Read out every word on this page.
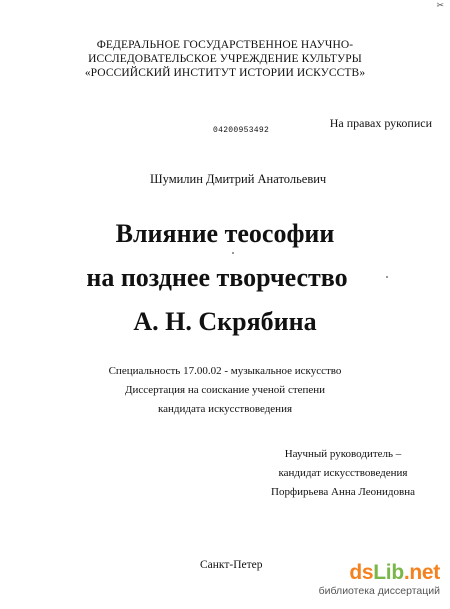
✂
ФЕДЕРАЛЬНОЕ ГОСУДАРСТВЕННОЕ НАУЧНО-
ИССЛЕДОВАТЕЛЬСКОЕ УЧРЕЖДЕНИЕ КУЛЬТУРЫ
«РОССИЙСКИЙ ИНСТИТУТ ИСТОРИИ ИСКУССТВ»
На правах рукописи
04200953492
Шумилин Дмитрий Анатольевич
Влияние теософии
на позднее творчество
А. Н. Скрябина
Специальность 17.00.02 - музыкальное искусство
Диссертация на соискание ученой степени
кандидата искусствоведения
Научный руководитель –
кандидат искусствоведения
Порфирьева Анна Леонидовна
Санкт-Петер	dsLib.net
библиотека диссертаций
